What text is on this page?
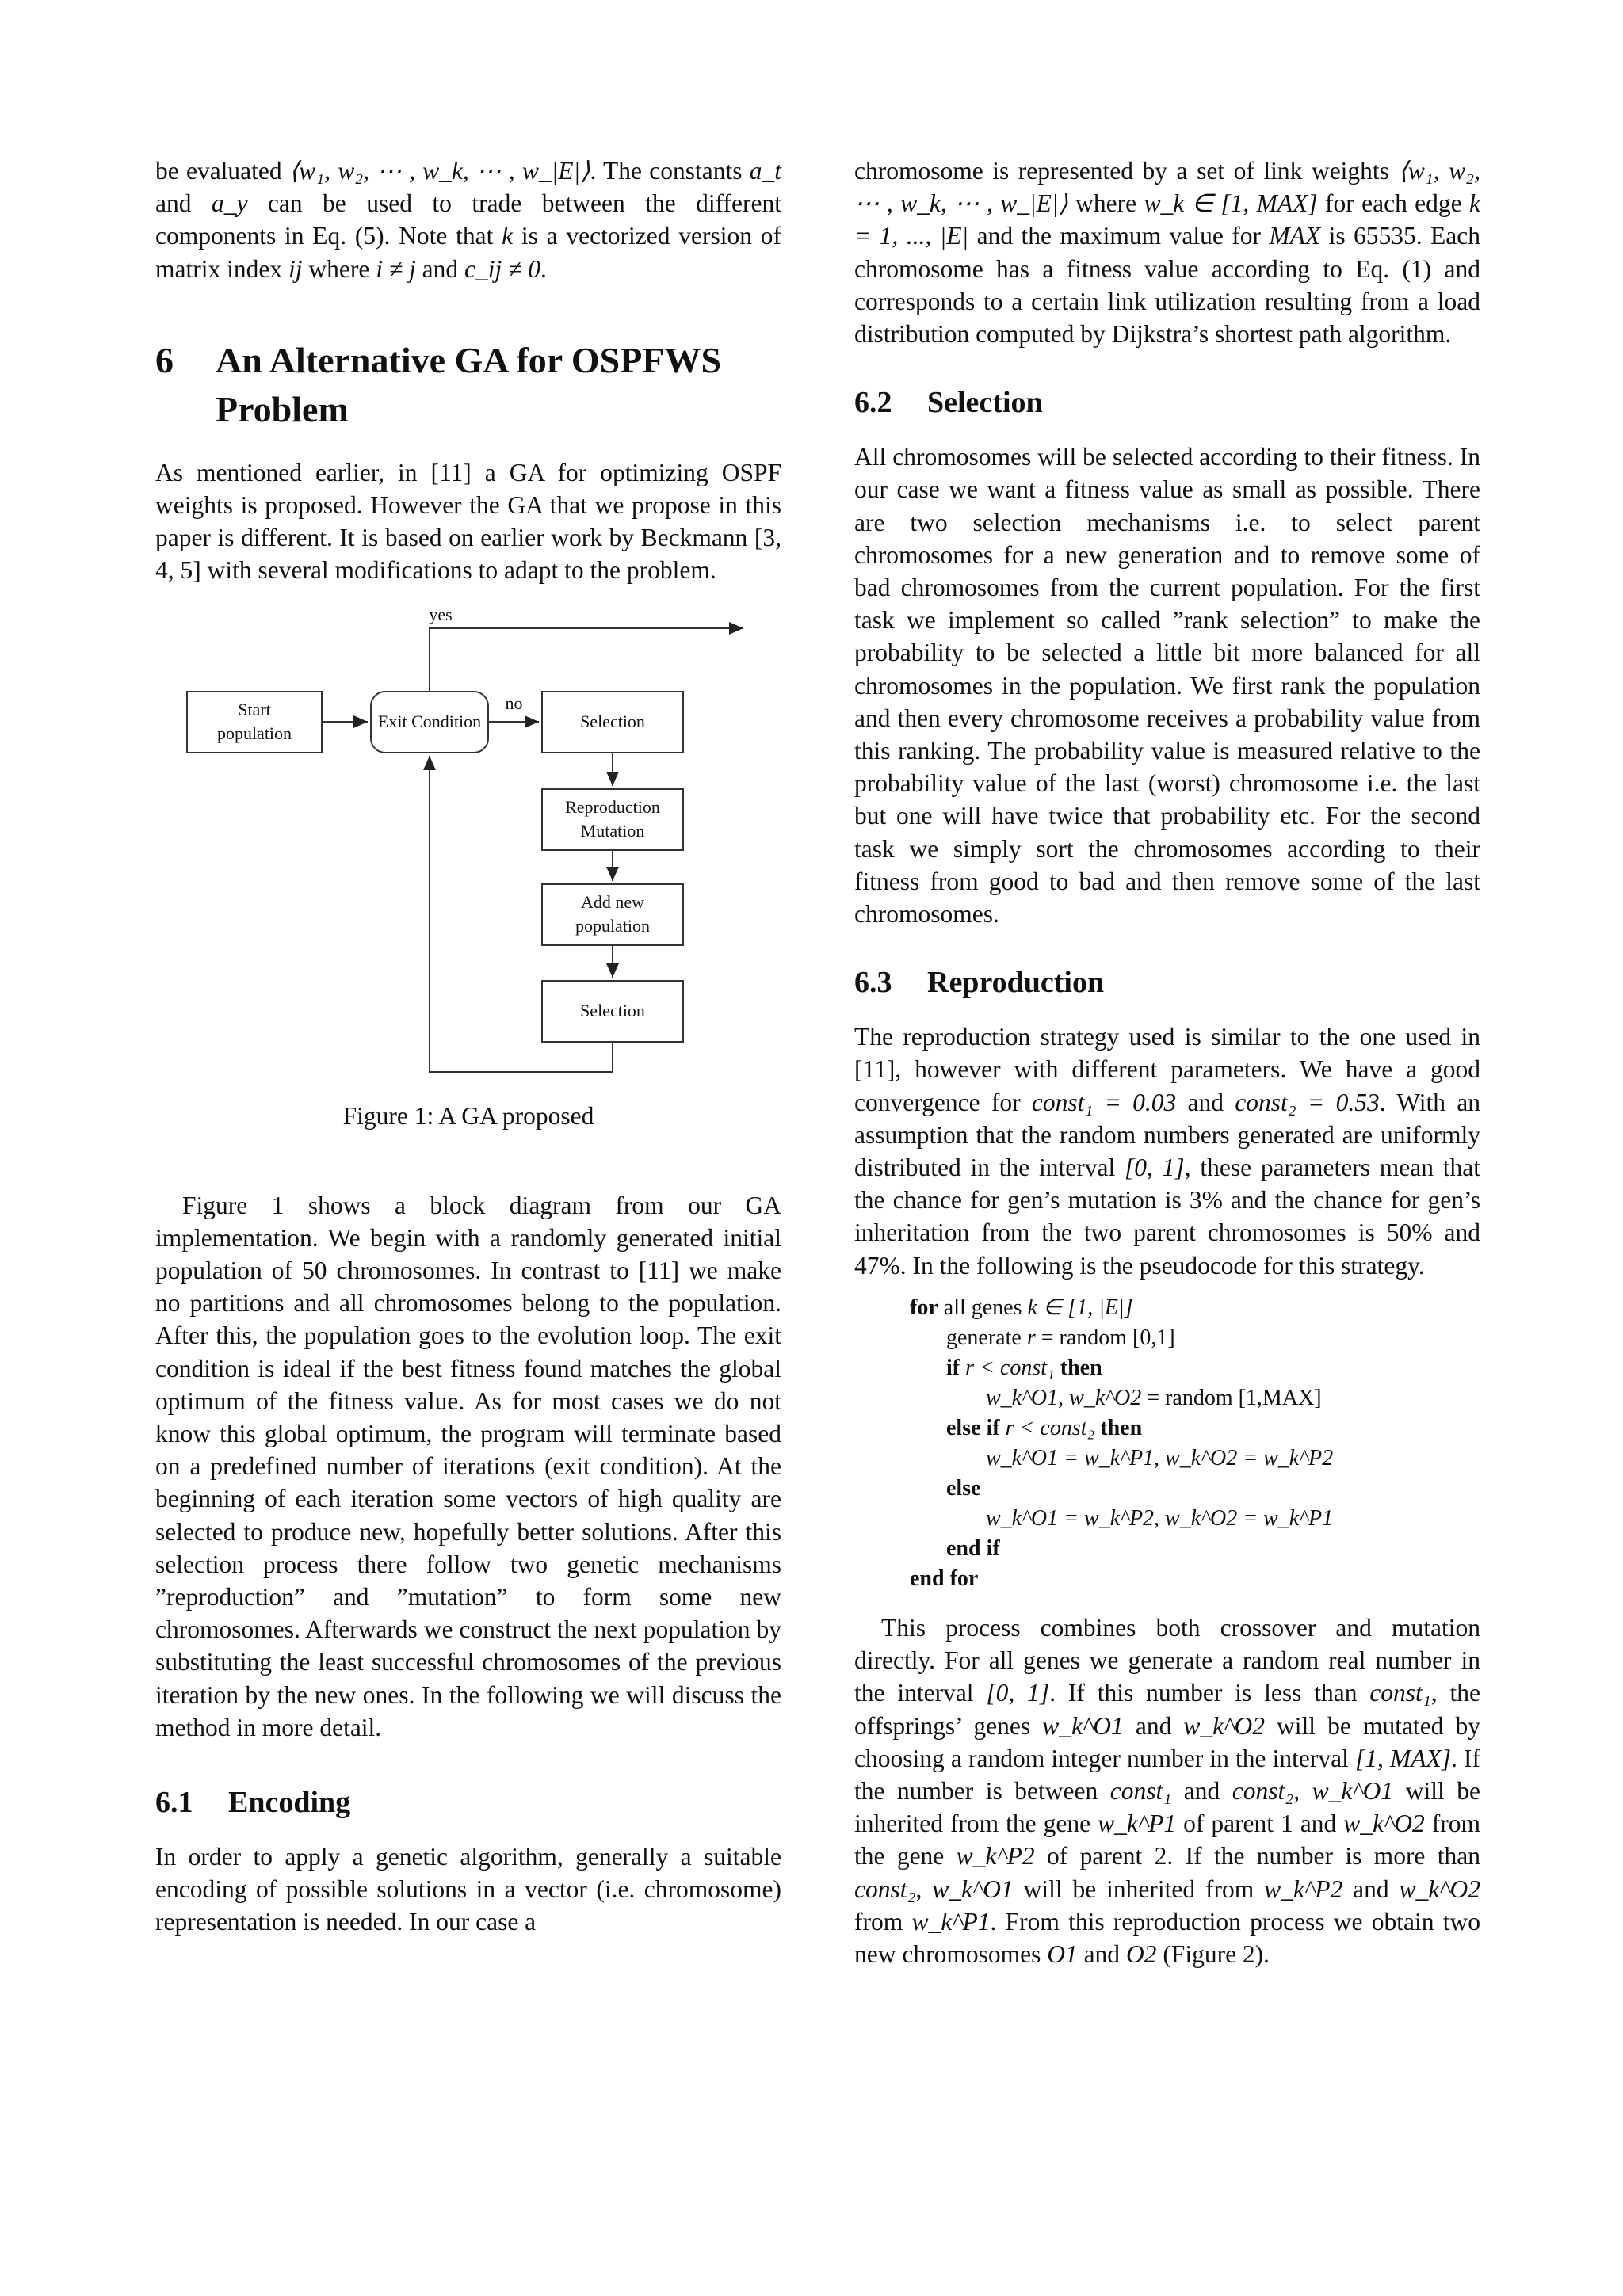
be evaluated ⟨w₁, w₂, ⋯ , w_k, ⋯ , w_|E|⟩. The constants a_t and a_y can be used to trade between the different components in Eq. (5). Note that k is a vectorized version of matrix index ij where i ≠ j and c_ij ≠ 0.

6 An Alternative GA for OSPFWS Problem

As mentioned earlier, in [11] a GA for optimizing OSPF weights is proposed. However the GA that we propose in this paper is different. It is based on earlier work by Beckmann [3, 4, 5] with several modifications to adapt to the problem.

yes
no
Start
population
Exit Condition	Selection
Reproduction
Mutation
Add new
population
Selection

Figure 1: A GA proposed

Figure 1 shows a block diagram from our GA implementation. We begin with a randomly generated initial population of 50 chromosomes. In contrast to [11] we make no partitions and all chromosomes belong to the population. After this, the population goes to the evolution loop. The exit condition is ideal if the best fitness found matches the global optimum of the fitness value. As for most cases we do not know this global optimum, the program will terminate based on a predefined number of iterations (exit condition). At the beginning of each iteration some vectors of high quality are selected to produce new, hopefully better solutions. After this selection process there follow two genetic mechanisms ”reproduction” and ”mutation” to form some new chromosomes. Afterwards we construct the next population by substituting the least successful chromosomes of the previous iteration by the new ones. In the following we will discuss the method in more detail.

6.1 Encoding

In order to apply a genetic algorithm, generally a suitable encoding of possible solutions in a vector (i.e. chromosome) representation is needed. In our case a

chromosome is represented by a set of link weights ⟨w₁, w₂, ⋯ , w_k, ⋯ , w_|E|⟩ where w_k ∈ [1, MAX] for each edge k = 1, ..., |E| and the maximum value for MAX is 65535. Each chromosome has a fitness value according to Eq. (1) and corresponds to a certain link utilization resulting from a load distribution computed by Dijkstra’s shortest path algorithm.

6.2 Selection

All chromosomes will be selected according to their fitness. In our case we want a fitness value as small as possible. There are two selection mechanisms i.e. to select parent chromosomes for a new generation and to remove some of bad chromosomes from the current population. For the first task we implement so called ”rank selection” to make the probability to be selected a little bit more balanced for all chromosomes in the population. We first rank the population and then every chromosome receives a probability value from this ranking. The probability value is measured relative to the probability value of the last (worst) chromosome i.e. the last but one will have twice that probability etc. For the second task we simply sort the chromosomes according to their fitness from good to bad and then remove some of the last chromosomes.

6.3 Reproduction

The reproduction strategy used is similar to the one used in [11], however with different parameters. We have a good convergence for const₁ = 0.03 and const₂ = 0.53. With an assumption that the random numbers generated are uniformly distributed in the interval [0, 1], these parameters mean that the chance for gen’s mutation is 3% and the chance for gen’s inheritation from the two parent chromosomes is 50% and 47%. In the following is the pseudocode for this strategy.

for all genes k ∈ [1, |E|]
generate r = random [0,1]
if r < const₁ then
w_k^O1, w_k^O2 = random [1,MAX]
else if r < const₂ then
w_k^O1 = w_k^P1, w_k^O2 = w_k^P2
else
w_k^O1 = w_k^P2, w_k^O2 = w_k^P1
end if
end for

This process combines both crossover and mutation directly. For all genes we generate a random real number in the interval [0, 1]. If this number is less than const₁, the offsprings’ genes w_k^O1 and w_k^O2 will be mutated by choosing a random integer number in the interval [1, MAX]. If the number is between const₁ and const₂, w_k^O1 will be inherited from the gene w_k^P1 of parent 1 and w_k^O2 from the gene w_k^P2 of parent 2. If the number is more than const₂, w_k^O1 will be inherited from w_k^P2 and w_k^O2 from w_k^P1. From this reproduction process we obtain two new chromosomes O1 and O2 (Figure 2).
